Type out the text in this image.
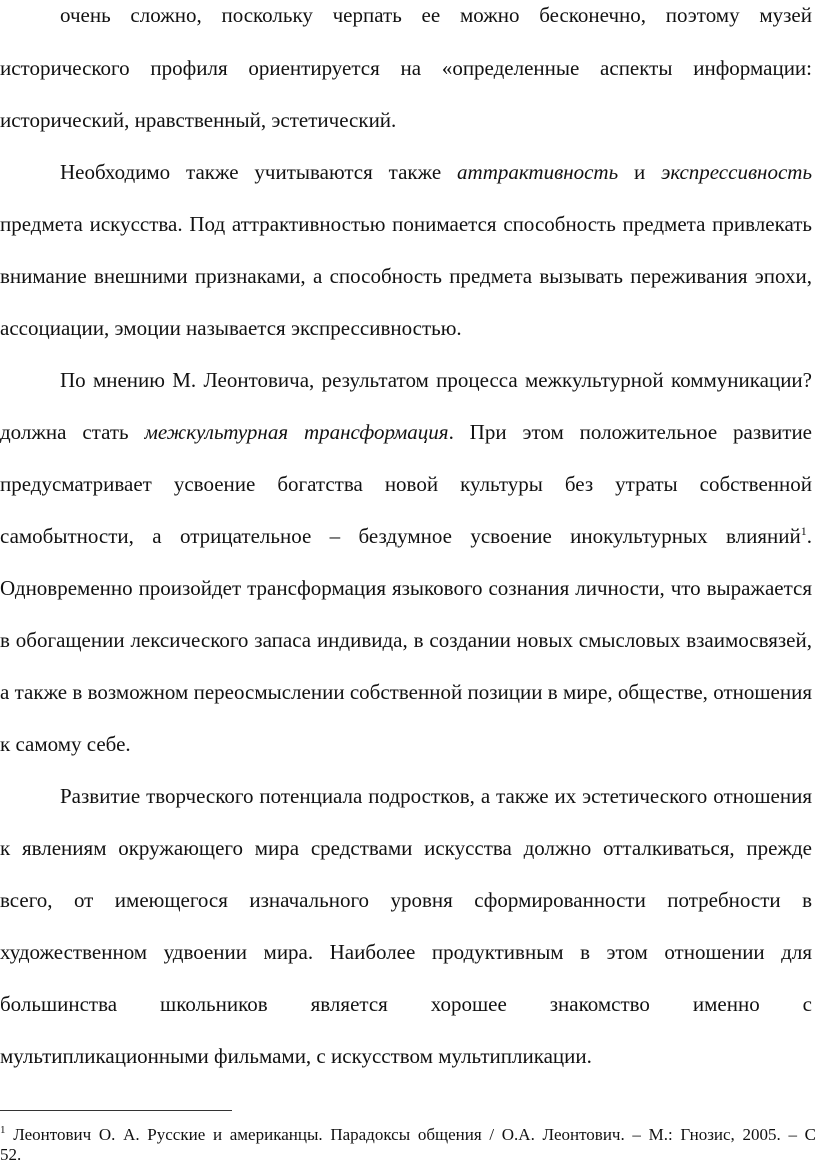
очень сложно, поскольку черпать ее можно бесконечно, поэтому музей
исторического профиля ориентируется на «определенные аспекты информации:
исторический, нравственный, эстетический.
Необходимо также учитываются также аттрактивность и экспрессивность
предмета искусства. Под аттрактивностью понимается способность предмета привлекать
внимание внешними признаками, а способность предмета вызывать переживания эпохи,
ассоциации, эмоции называется экспрессивностью.
По мнению М. Леонтовича, результатом процесса межкультурной коммуникации?
должна стать межкультурная трансформация. При этом положительное развитие
предусматривает усвоение богатства новой культуры без утраты собственной
самобытности, а отрицательное – бездумное усвоение инокультурных влияний$^1$.
Одновременно произойдет трансформация языкового сознания личности, что выражается
в обогащении лексического запаса индивида, в создании новых смысловых взаимосвязей,
а также в возможном переосмыслении собственной позиции в мире, обществе, отношения
к самому себе.
Развитие творческого потенциала подростков, а также их эстетического отношения
к явлениям окружающего мира средствами искусства должно отталкиваться, прежде
всего, от имеющегося изначального уровня сформированности потребности в
художественном удвоении мира. Наиболее продуктивным в этом отношении для
большинства школьников является хорошее знакомство именно с
мультипликационными фильмами, с искусством мультипликации.
$^1$ Леонтович О. А. Русские и американцы. Парадоксы общения / О.А. Леонтович. – М.: Гнозис, 2005. – С
52.
